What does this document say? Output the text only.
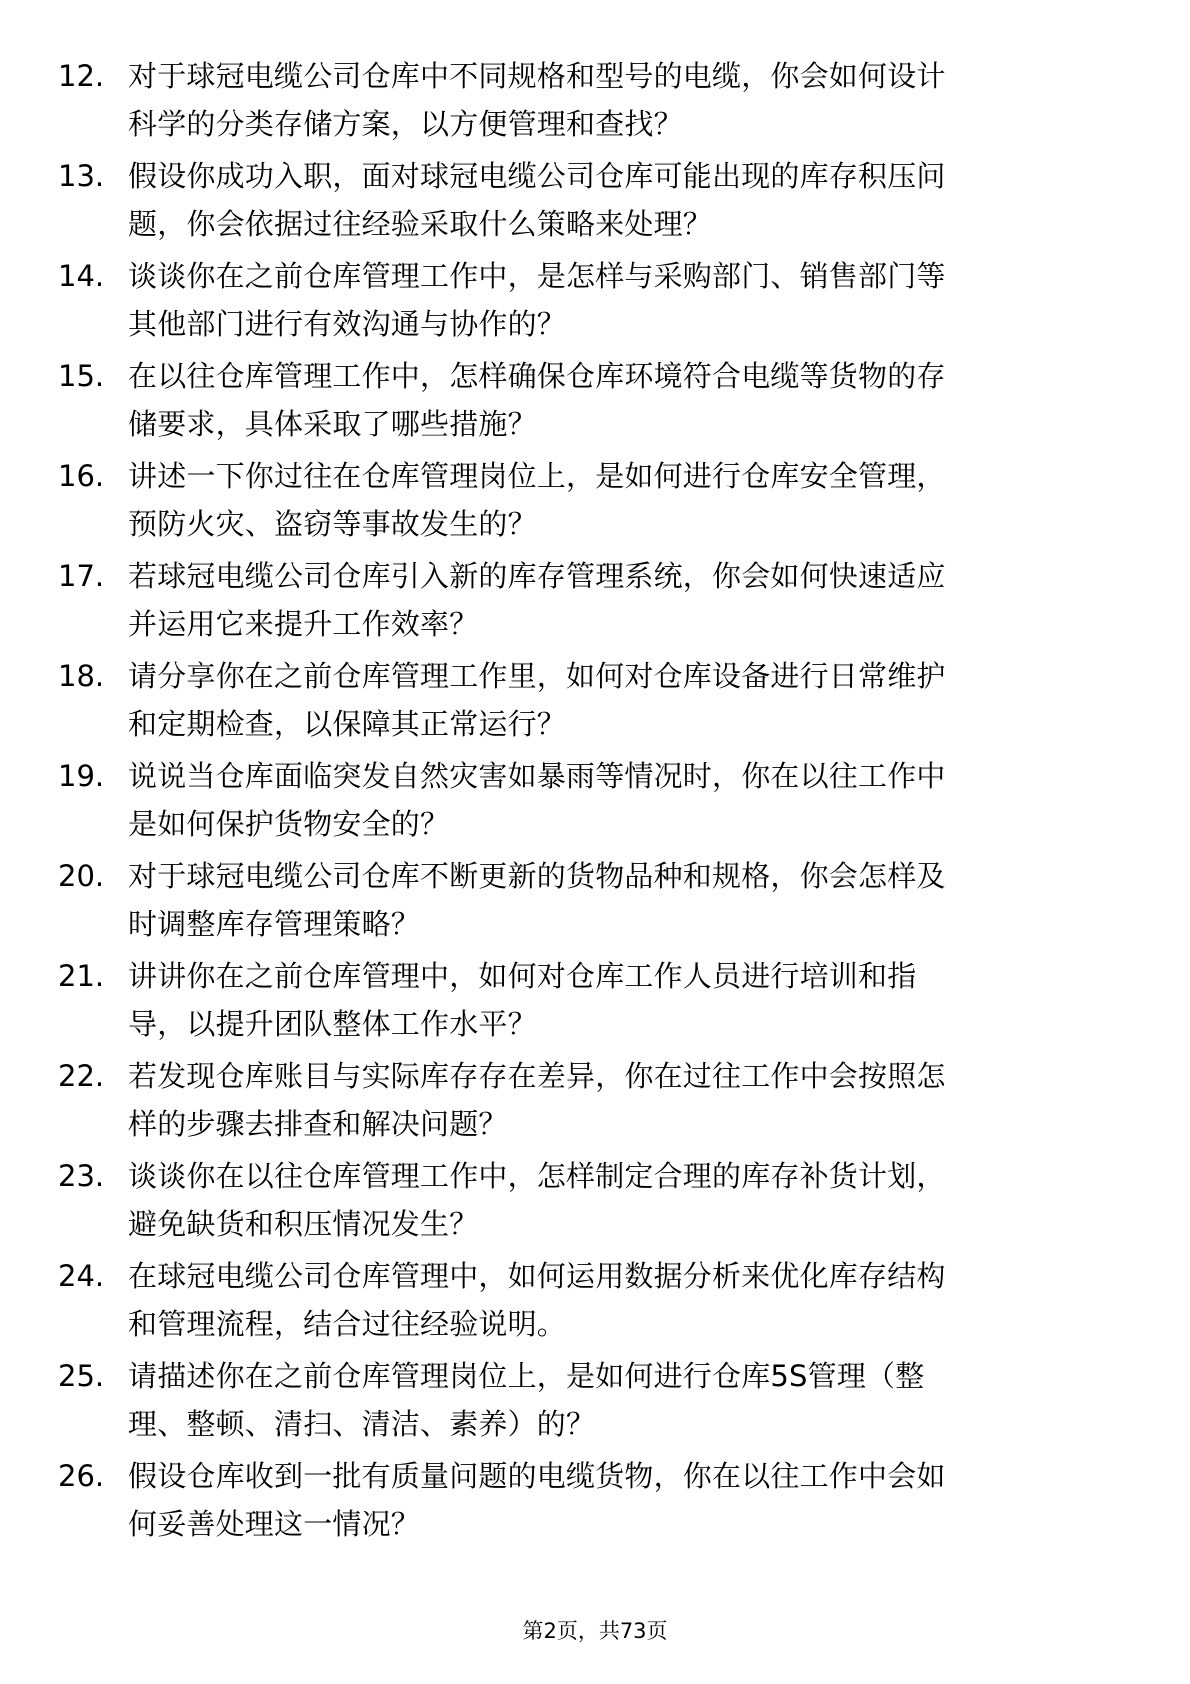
12. 对于球冠电缆公司仓库中不同规格和型号的电缆，你会如何设计
科学的分类存储方案，以方便管理和查找？
13. 假设你成功入职，面对球冠电缆公司仓库可能出现的库存积压问
题，你会依据过往经验采取什么策略来处理？
14. 谈谈你在之前仓库管理工作中，是怎样与采购部门、销售部门等
其他部门进行有效沟通与协作的？
15. 在以往仓库管理工作中，怎样确保仓库环境符合电缆等货物的存
储要求，具体采取了哪些措施？
16. 讲述一下你过往在仓库管理岗位上，是如何进行仓库安全管理，
预防火灾、盗窃等事故发生的？
17. 若球冠电缆公司仓库引入新的库存管理系统，你会如何快速适应
并运用它来提升工作效率？
18. 请分享你在之前仓库管理工作里，如何对仓库设备进行日常维护
和定期检查，以保障其正常运行？
19. 说说当仓库面临突发自然灾害如暴雨等情况时，你在以往工作中
是如何保护货物安全的？
20. 对于球冠电缆公司仓库不断更新的货物品种和规格，你会怎样及
时调整库存管理策略？
21. 讲讲你在之前仓库管理中，如何对仓库工作人员进行培训和指
导，以提升团队整体工作水平？
22. 若发现仓库账目与实际库存存在差异，你在过往工作中会按照怎
样的步骤去排查和解决问题？
23. 谈谈你在以往仓库管理工作中，怎样制定合理的库存补货计划，
避免缺货和积压情况发生？
24. 在球冠电缆公司仓库管理中，如何运用数据分析来优化库存结构
和管理流程，结合过往经验说明。
25. 请描述你在之前仓库管理岗位上，是如何进行仓库5S管理（整
理、整顿、清扫、清洁、素养）的？
26. 假设仓库收到一批有质量问题的电缆货物，你在以往工作中会如
何妥善处理这一情况？
第2页，共73页
